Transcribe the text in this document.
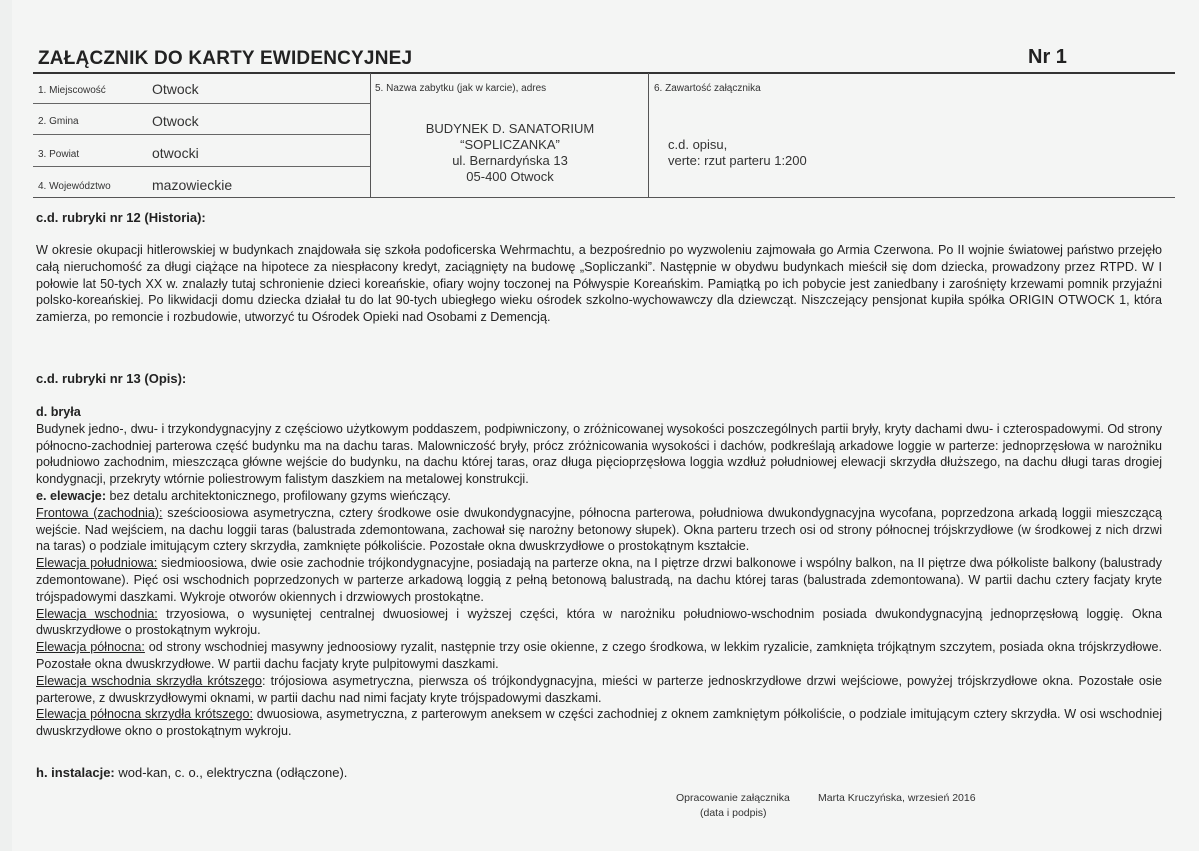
ZAŁĄCZNIK DO KARTY EWIDENCYJNEJ	Nr 1
1. Miejscowość	Otwock
2. Gmina	Otwock
3. Powiat	otwocki
4. Województwo	mazowieckie
5. Nazwa zabytku (jak w karcie), adres
BUDYNEK D. SANATORIUM
“SOPLICZANKA”
ul. Bernardyńska 13
05-400 Otwock
6. Zawartość załącznika
c.d. opisu,
verte: rzut parteru 1:200
c.d. rubryki nr 12 (Historia):

W okresie okupacji hitlerowskiej w budynkach znajdowała się szkoła podoficerska Wehrmachtu, a bezpośrednio po wyzwoleniu zajmowała go Armia Czerwona. Po II wojnie światowej państwo przejęło całą nieruchomość za długi ciążące na hipotece za niespłacony kredyt, zaciągnięty na budowę „Sopliczanki”. Następnie w obydwu budynkach mieścił się dom dziecka, prowadzony przez RTPD. W I połowie lat 50-tych XX w. znalazły tutaj schronienie dzieci koreańskie, ofiary wojny toczonej na Półwyspie Koreańskim. Pamiątką po ich pobycie jest zaniedbany i zarośnięty krzewami pomnik przyjaźni polsko-koreańskiej. Po likwidacji domu dziecka działał tu do lat 90-tych ubiegłego wieku ośrodek szkolno-wychowawczy dla dziewcząt. Niszczejący pensjonat kupiła spółka ORIGIN OTWOCK 1, która zamierza, po remoncie i rozbudowie, utworzyć tu Ośrodek Opieki nad Osobami z Demencją.

c.d. rubryki nr 13 (Opis):

d. bryła

Budynek jedno-, dwu- i trzykondygnacyjny z częściowo użytkowym poddaszem, podpiwniczony, o zróżnicowanej wysokości poszczególnych partii bryły, kryty dachami dwu- i czterospadowymi. Od strony północno-zachodniej parterowa część budynku ma na dachu taras. Malowniczość bryły, prócz zróżnicowania wysokości i dachów, podkreślają arkadowe loggie w parterze: jednoprzęsłowa w narożniku południowo zachodnim, mieszcząca główne wejście do budynku, na dachu której taras, oraz długa pięcioprzęsłowa loggia wzdłuż południowej elewacji skrzydła dłuższego, na dachu długi taras drogiej kondygnacji, przekryty wtórnie poliestrowym falistym daszkiem na metalowej konstrukcji.

e. elewacje: bez detalu architektonicznego, profilowany gzyms wieńczący.

Frontowa (zachodnia): sześcioosiowa asymetryczna, cztery środkowe osie dwukondygnacyjne, północna parterowa, południowa dwukondygnacyjna wycofana, poprzedzona arkadą loggii mieszczącą wejście. Nad wejściem, na dachu loggii taras (balustrada zdemontowana, zachował się narożny betonowy słupek). Okna parteru trzech osi od strony północnej trójskrzydłowe (w środkowej z nich drzwi na taras) o podziale imitującym cztery skrzydła, zamknięte półkoliście. Pozostałe okna dwuskrzydłowe o prostokątnym kształcie.

Elewacja południowa: siedmioosiowa, dwie osie zachodnie trójkondygnacyjne, posiadają na parterze okna, na I piętrze drzwi balkonowe i wspólny balkon, na II piętrze dwa półkoliste balkony (balustrady zdemontowane). Pięć osi wschodnich poprzedzonych w parterze arkadową loggią z pełną betonową balustradą, na dachu której taras (balustrada zdemontowana). W partii dachu cztery facjaty kryte trójspadowymi daszkami. Wykroje otworów okiennych i drzwiowych prostokątne.

Elewacja wschodnia: trzyosiowa, o wysuniętej centralnej dwuosiowej i wyższej części, która w narożniku południowo-wschodnim posiada dwukondygnacyjną jednoprzęsłową loggię. Okna dwuskrzydłowe o prostokątnym wykroju.

Elewacja północna: od strony wschodniej masywny jednoosiowy ryzalit, następnie trzy osie okienne, z czego środkowa, w lekkim ryzalicie, zamknięta trójkątnym szczytem, posiada okna trójskrzydłowe. Pozostałe okna dwuskrzydłowe. W partii dachu facjaty kryte pulpitowymi daszkami.

Elewacja wschodnia skrzydła krótszego: trójosiowa asymetryczna, pierwsza oś trójkondygnacyjna, mieści w parterze jednoskrzydłowe drzwi wejściowe, powyżej trójskrzydłowe okna. Pozostałe osie parterowe, z dwuskrzydłowymi oknami, w partii dachu nad nimi facjaty kryte trójspadowymi daszkami.

Elewacja północna skrzydła krótszego: dwuosiowa, asymetryczna, z parterowym aneksem w części zachodniej z oknem zamkniętym półkoliście, o podziale imitującym cztery skrzydła. W osi wschodniej dwuskrzydłowe okno o prostokątnym wykroju.

h. instalacje: wod-kan, c. o., elektryczna (odłączone).
Opracowanie załącznika
(data i podpis)
Marta Kruczyńska, wrzesień 2016
